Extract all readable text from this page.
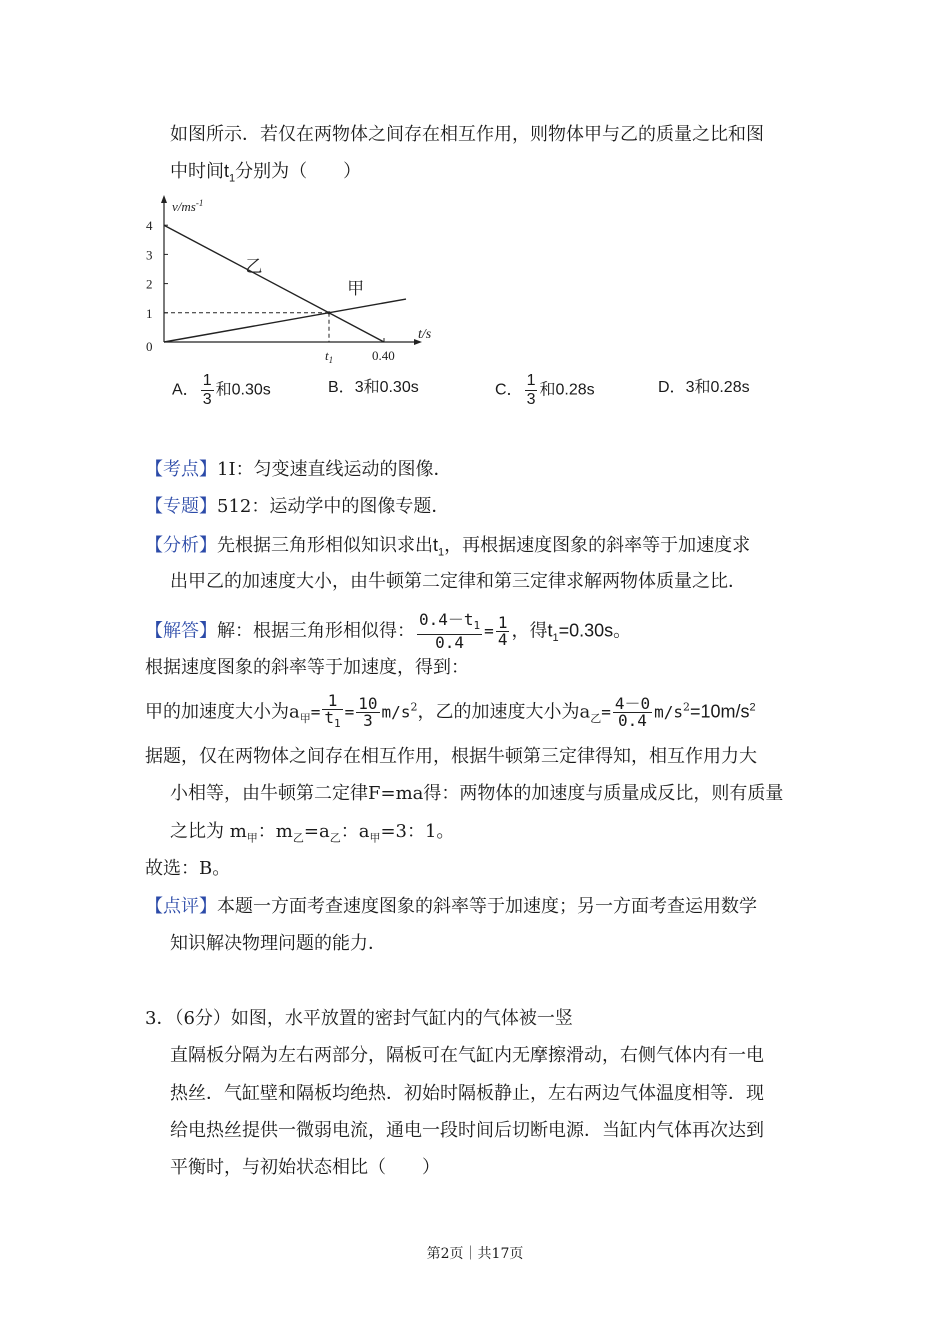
如图所示．若仅在两物体之间存在相互作用，则物体甲与乙的质量之比和图
中时间$t_1$分别为（　　）
$v/ms^{-1}$
t/s
0
1
2
3
4
乙
甲
$t_1$	0.40
A． $\frac{1}{3}$ 和0.30s	B．3和0.30s	C． $\frac{1}{3}$ 和0.28s	D．3和0.28s
【考点】1I：匀变速直线运动的图像．
【专题】512：运动学中的图像专题．
【分析】先根据三角形相似知识求出$t_1$，再根据速度图象的斜率等于加速度求
出甲乙的加速度大小，由牛顿第二定律和第三定律求解两物体质量之比．
【解答】解：根据三角形相似得： $\frac{0.4-t_1}{0.4} = \frac{1}{4}$ ，得$t_1=0.30s$。
根据速度图象的斜率等于加速度，得到：
甲的加速度大小为$a_甲= \frac{1}{t_1} = \frac{10}{3} m/s^2$，乙的加速度大小为$a_乙= \frac{4-0}{0.4} m/s^2=10m/s^2$
据题，仅在两物体之间存在相互作用，根据牛顿第三定律得知，相互作用力大
小相等，由牛顿第二定律F=ma得：两物体的加速度与质量成反比，则有质量
之比为 $m_甲$：$m_乙=a_乙$：$a_甲=3$：1。
故选：B。
【点评】本题一方面考查速度图象的斜率等于加速度；另一方面考查运用数学
知识解决物理问题的能力．
3．（6分）如图，水平放置的密封气缸内的气体被一竖
直隔板分隔为左右两部分，隔板可在气缸内无摩擦滑动，右侧气体内有一电
热丝．气缸壁和隔板均绝热．初始时隔板静止，左右两边气体温度相等．现
给电热丝提供一微弱电流，通电一段时间后切断电源．当缸内气体再次达到
平衡时，与初始状态相比（　　）
第2页｜共17页
